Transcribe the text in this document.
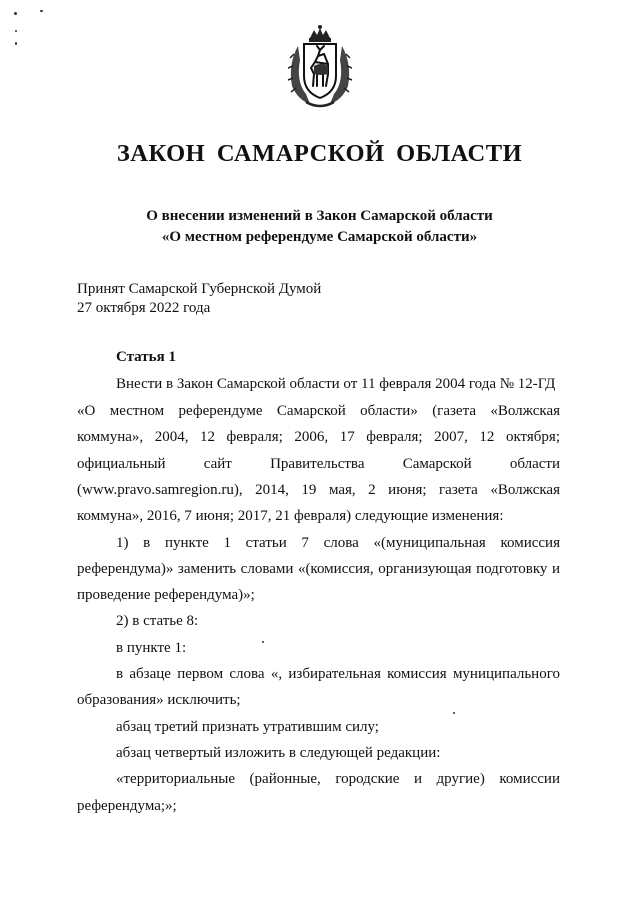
ЗАКОН САМАРСКОЙ ОБЛАСТИ
О внесении изменений в Закон Самарской области
«О местном референдуме Самарской области»
Принят Самарской Губернской Думой
27 октября 2022 года
Статья 1
Внести в Закон Самарской области от 11 февраля 2004 года № 12-ГД
«О местном референдуме Самарской области» (газета «Волжская
коммуна», 2004, 12 февраля; 2006, 17 февраля; 2007, 12 октября;
официальный сайт Правительства Самарской области
(www.pravo.samregion.ru), 2014, 19 мая, 2 июня; газета «Волжская
коммуна», 2016, 7 июня; 2017, 21 февраля) следующие изменения:
1) в пункте 1 статьи 7 слова «(муниципальная комиссия
референдума)» заменить словами «(комиссия, организующая подготовку и
проведение референдума)»;
2) в статье 8:
в пункте 1:
в абзаце первом слова «, избирательная комиссия муниципального
образования» исключить;
абзац третий признать утратившим силу;
абзац четвертый изложить в следующей редакции:
«территориальные (районные, городские и другие) комиссии
референдума;»;
